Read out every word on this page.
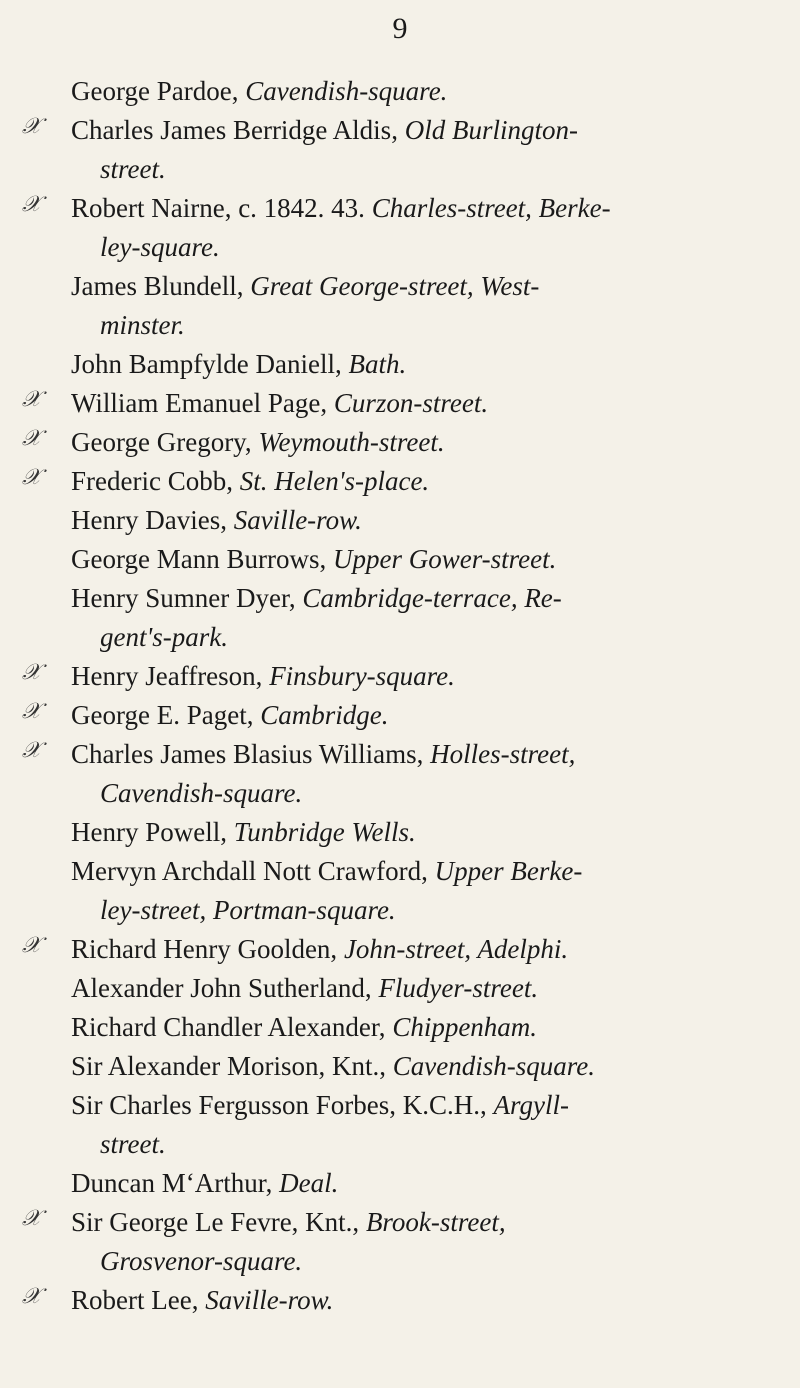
9
George Pardoe, Cavendish-square.
𝒳 Charles James Berridge Aldis, Old Burlington-
street.
𝒳 Robert Nairne, c. 1842. 43. Charles-street, Berke-
ley-square.
James Blundell, Great George-street, West-
minster.
John Bampfylde Daniell, Bath.
𝒳 William Emanuel Page, Curzon-street.
𝒳 George Gregory, Weymouth-street.
𝒳 Frederic Cobb, St. Helen's-place.
Henry Davies, Saville-row.
George Mann Burrows, Upper Gower-street.
Henry Sumner Dyer, Cambridge-terrace, Re-
gent's-park.
𝒳 Henry Jeaffreson, Finsbury-square.
𝒳 George E. Paget, Cambridge.
𝒳 Charles James Blasius Williams, Holles-street,
Cavendish-square.
Henry Powell, Tunbridge Wells.
Mervyn Archdall Nott Crawford, Upper Berke-
ley-street, Portman-square.
𝒳 Richard Henry Goolden, John-street, Adelphi.
Alexander John Sutherland, Fludyer-street.
Richard Chandler Alexander, Chippenham.
Sir Alexander Morison, Knt., Cavendish-square.
Sir Charles Fergusson Forbes, K.C.H., Argyll-
street.
Duncan M‘Arthur, Deal.
𝒳 Sir George Le Fevre, Knt., Brook-street,
Grosvenor-square.
𝒳 Robert Lee, Saville-row.
